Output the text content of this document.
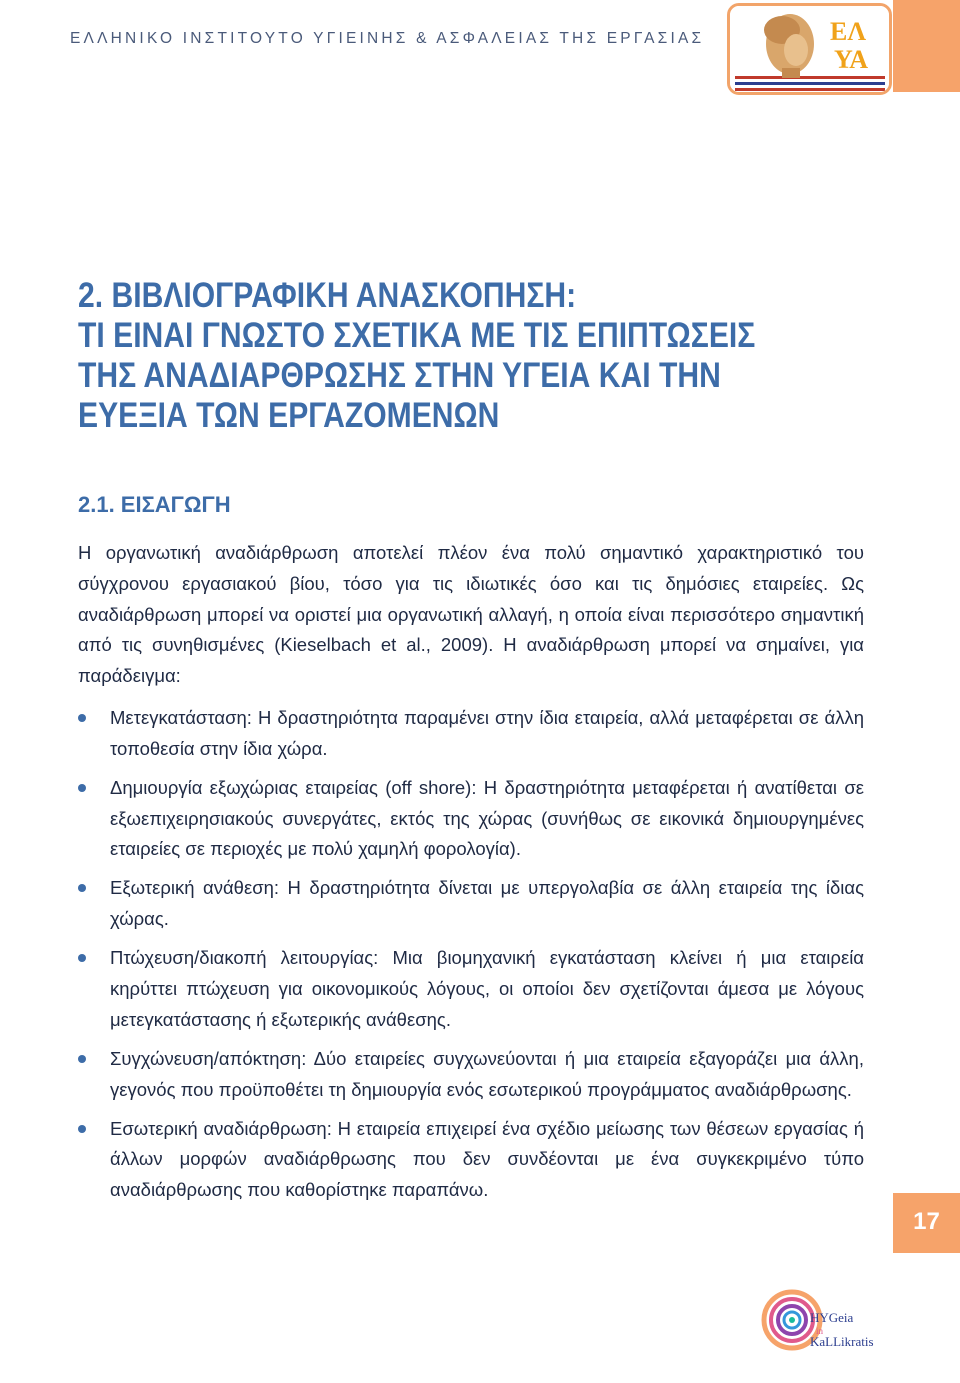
17
ΕΛΛΗΝΙΚΟ ΙΝΣΤΙΤΟΥΤΟ ΥΓΙΕΙΝΗΣ & ΑΣΦΑΛΕΙΑΣ ΤΗΣ ΕΡΓΑΣΙΑΣ	ΕΛ
ΥΑ
2. ΒΙΒΛΙΟΓΡΑΦΙΚΗ ΑΝΑΣΚΟΠΗΣΗ:
ΤΙ ΕΙΝΑΙ ΓΝΩΣΤΟ ΣΧΕΤΙΚΑ ΜΕ ΤΙΣ ΕΠΙΠΤΩΣΕΙΣ
ΤΗΣ ΑΝΑΔΙΑΡΘΡΩΣΗΣ ΣΤΗΝ ΥΓΕΙΑ ΚΑΙ ΤΗΝ
ΕΥΕΞΙΑ ΤΩΝ ΕΡΓΑΖΟΜΕΝΩΝ
2.1. ΕΙΣΑΓΩΓΗ

Η οργανωτική αναδιάρθρωση αποτελεί πλέον ένα πολύ σημαντικό χαρακτηριστικό του σύγχρονου εργασιακού βίου, τόσο για τις ιδιωτικές όσο και τις δημόσιες εταιρείες. Ως αναδιάρθρωση μπορεί να οριστεί μια οργανωτική αλλαγή, η οποία είναι περισσότερο σημαντική από τις συνηθισμένες (Kieselbach et al., 2009). Η αναδιάρθρωση μπορεί να σημαίνει, για παράδειγμα:

Μετεγκατάσταση: Η δραστηριότητα παραμένει στην ίδια εταιρεία, αλλά μεταφέρεται σε άλλη τοποθεσία στην ίδια χώρα.
Δημιουργία εξωχώριας εταιρείας (off shore): Η δραστηριότητα μεταφέρεται ή ανατίθεται σε εξωεπιχειρησιακούς συνεργάτες, εκτός της χώρας (συνήθως σε εικονικά δημιουργημένες εταιρείες σε περιοχές με πολύ χαμηλή φορολογία).
Εξωτερική ανάθεση: Η δραστηριότητα δίνεται με υπεργολαβία σε άλλη εταιρεία της ίδιας χώρας.
Πτώχευση/διακοπή λειτουργίας: Μια βιομηχανική εγκατάσταση κλείνει ή μια εταιρεία κηρύττει πτώχευση για οικονομικούς λόγους, οι οποίοι δεν σχετίζονται άμεσα με λόγους μετεγκατάστασης ή εξωτερικής ανάθεσης.
Συγχώνευση/απόκτηση: Δύο εταιρείες συγχωνεύονται ή μια εταιρεία εξαγοράζει μια άλλη, γεγονός που προϋποθέτει τη δημιουργία ενός εσωτερικού προγράμματος αναδιάρθρωσης.
Εσωτερική αναδιάρθρωση: Η εταιρεία επιχειρεί ένα σχέδιο μείωσης των θέσεων εργασίας ή άλλων μορφών αναδιάρθρωσης που δεν συνδέονται με ένα συγκεκριμένο τύπο αναδιάρθρωσης που καθορίστηκε παραπάνω.
HYGeia
in
KaLLikratis
